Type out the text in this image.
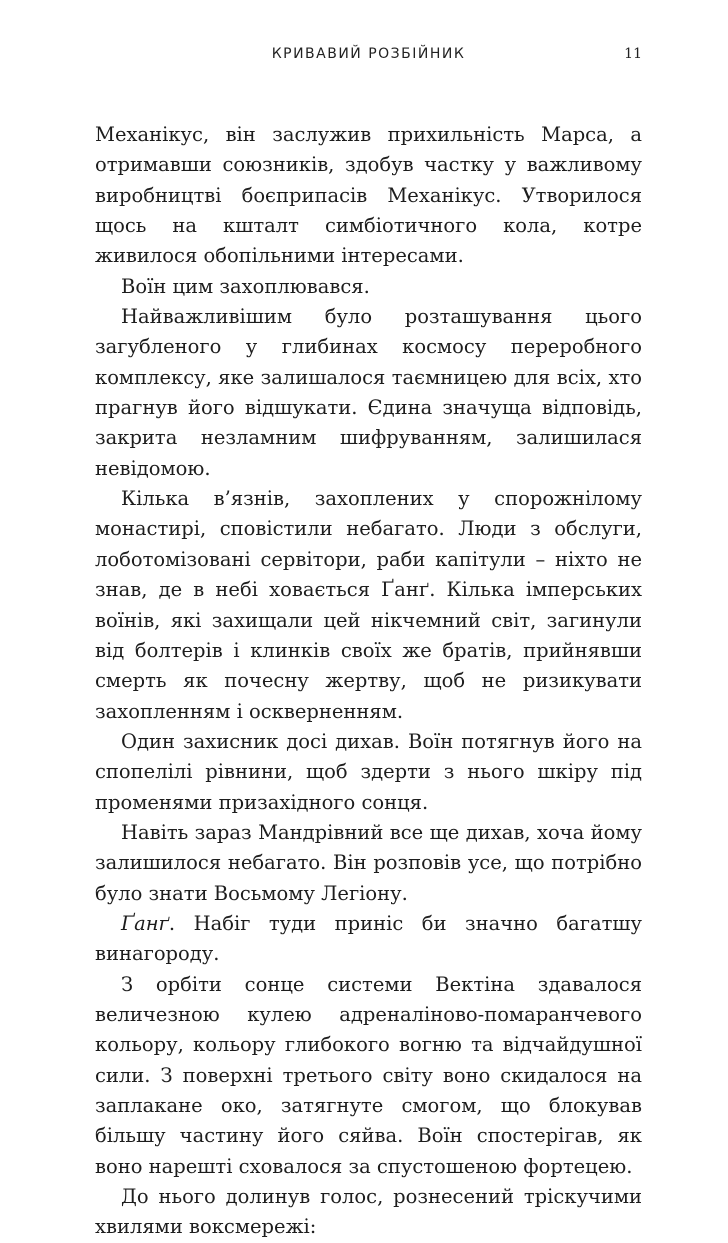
КРИВАВИЙ РОЗБІЙНИК	11

Механікус, він заслужив прихильність Марса, а отримавши союзників, здобув частку у важливому виробництві боєприпасів Механікус. Утворилося щось на кшталт симбіотичного кола, котре живилося обопільними інтересами.

Воїн цим захоплювався.

Найважливішим було розташування цього загубленого у глибинах космосу переробного комплексу, яке залишалося таємницею для всіх, хто прагнув його відшукати. Єдина значуща відповідь, закрита незламним шифруванням, залишилася невідомою.

Кілька в’язнів, захоплених у спорожнілому монастирі, сповістили небагато. Люди з обслуги, лоботомізовані сервітори, раби капітули – ніхто не знав, де в небі ховається Ґанґ. Кілька імперських воїнів, які захищали цей нікчемний світ, загинули від болтерів і клинків своїх же братів, прийнявши смерть як почесну жертву, щоб не ризикувати захопленням і оскверненням.

Один захисник досі дихав. Воїн потягнув його на спопелілі рівнини, щоб здерти з нього шкіру під променями призахідного сонця.

Навіть зараз Мандрівний все ще дихав, хоча йому залишилося небагато. Він розповів усе, що потрібно було знати Восьмому Легіону.

Ґанґ. Набіг туди приніс би значно багатшу винагороду.

З орбіти сонце системи Вектіна здавалося величезною кулею адреналіново-помаранчевого кольору, кольору глибокого вогню та відчайдушної сили. З поверхні третього світу воно скидалося на заплакане око, затягнуте смогом, що блокував більшу частину його сяйва. Воїн спостерігав, як воно нарешті сховалося за спустошеною фортецею.

До нього долинув голос, рознесений тріскучими хвилями воксмережі:
